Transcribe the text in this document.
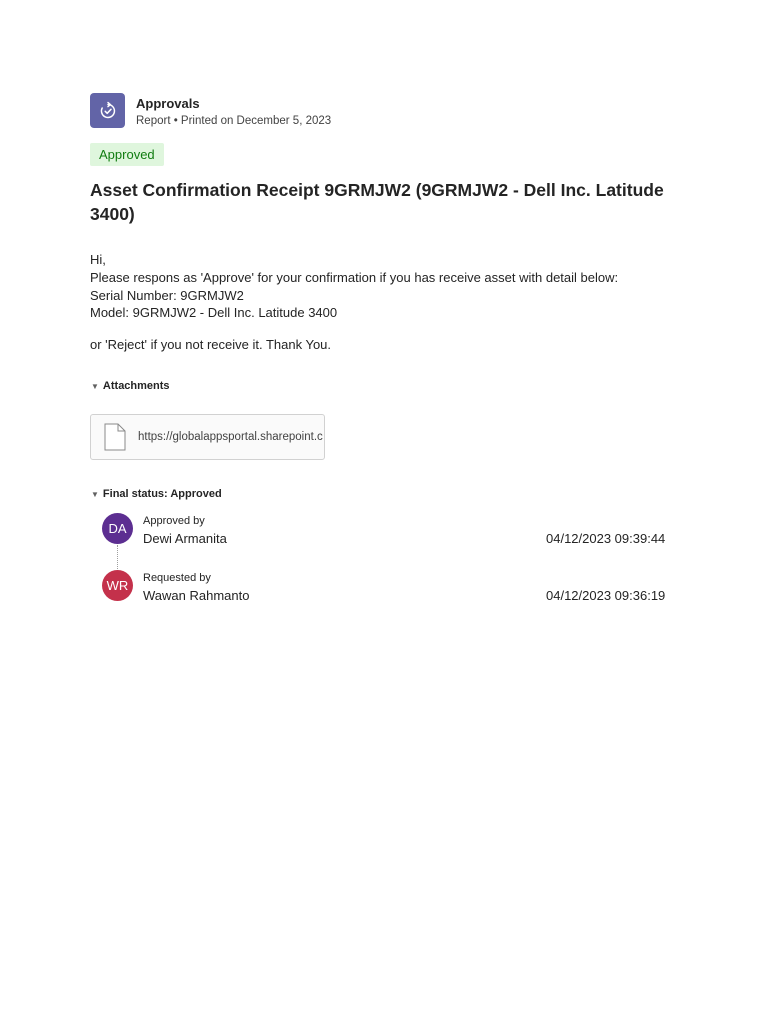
Approvals
Report • Printed on December 5, 2023
Approved
Asset Confirmation Receipt 9GRMJW2 (9GRMJW2 - Dell Inc. Latitude 3400)
Hi,
Please respons as 'Approve' for your confirmation if you has receive asset with detail below:
Serial Number: 9GRMJW2
Model: 9GRMJW2 - Dell Inc. Latitude 3400
or 'Reject' if you not receive it. Thank You.
▼ Attachments
https://globalappsportal.sharepoint.c
▼ Final status: Approved
DA	Approved by
Dewi Armanita	04/12/2023 09:39:44
WR	Requested by
Wawan Rahmanto	04/12/2023 09:36:19
